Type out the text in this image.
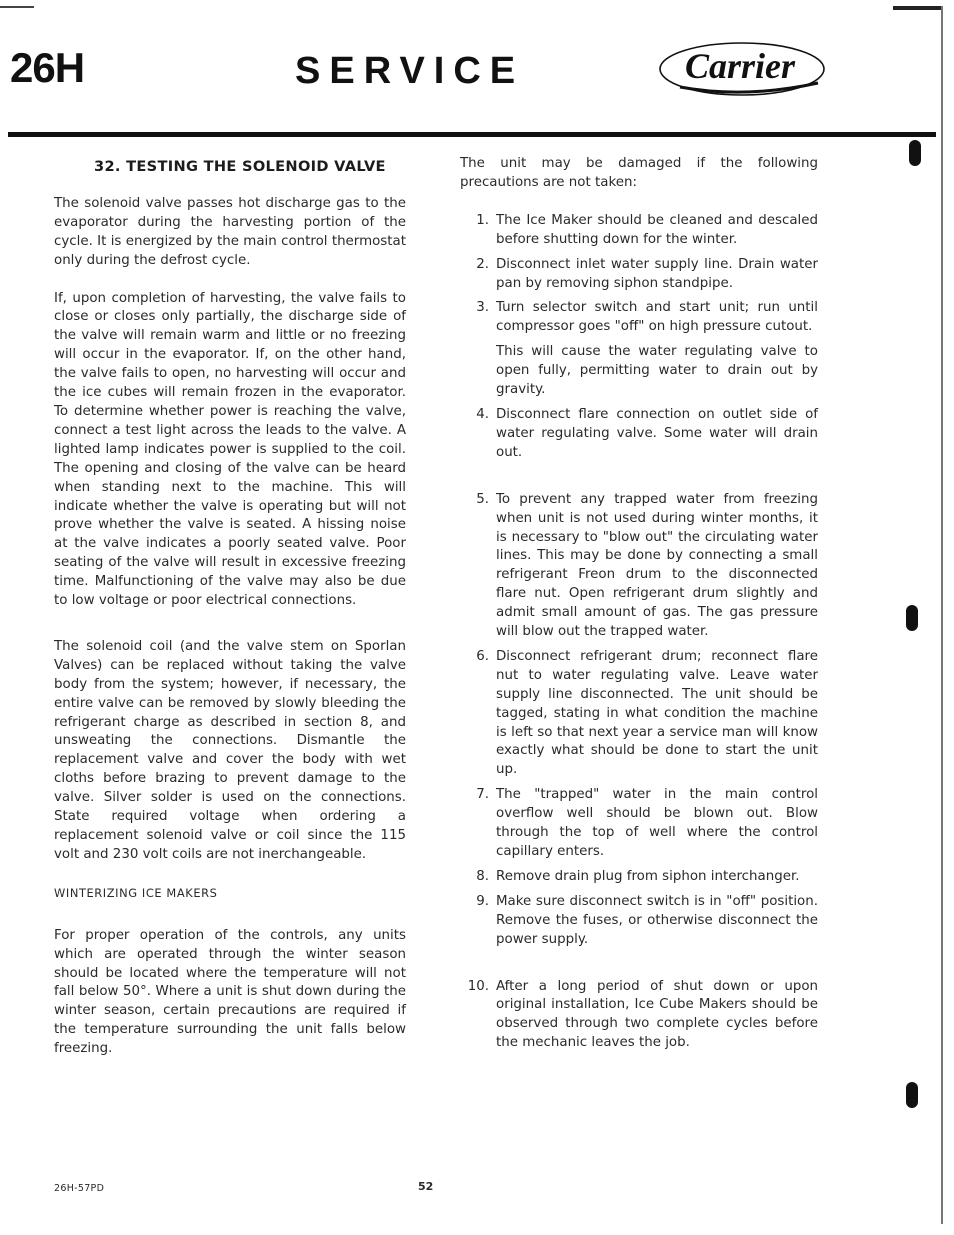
26H	SERVICE	Carrier
32. TESTING THE SOLENOID VALVE
The solenoid valve passes hot discharge gas to the evaporator during the harvesting portion of the cycle. It is energized by the main control thermostat only during the defrost cycle.
If, upon completion of harvesting, the valve fails to close or closes only partially, the discharge side of the valve will remain warm and little or no freezing will occur in the evaporator. If, on the other hand, the valve fails to open, no harvesting will occur and the ice cubes will remain frozen in the evaporator. To determine whether power is reaching the valve, connect a test light across the leads to the valve. A lighted lamp indicates power is supplied to the coil. The opening and closing of the valve can be heard when standing next to the machine. This will indicate whether the valve is operating but will not prove whether the valve is seated. A hissing noise at the valve indicates a poorly seated valve. Poor seating of the valve will result in excessive freezing time. Malfunctioning of the valve may also be due to low voltage or poor electrical connections.
The solenoid coil (and the valve stem on Sporlan Valves) can be replaced without taking the valve body from the system; however, if necessary, the entire valve can be removed by slowly bleeding the refrigerant charge as described in section 8, and unsweating the connections. Dismantle the replacement valve and cover the body with wet cloths before brazing to prevent damage to the valve. Silver solder is used on the connections. State required voltage when ordering a replacement solenoid valve or coil since the 115 volt and 230 volt coils are not inerchangeable.
WINTERIZING ICE MAKERS
For proper operation of the controls, any units which are operated through the winter season should be located where the temperature will not fall below 50°. Where a unit is shut down during the winter season, certain precautions are required if the temperature surrounding the unit falls below freezing.
The unit may be damaged if the following precautions are not taken:
1. The Ice Maker should be cleaned and descaled before shutting down for the winter.
2. Disconnect inlet water supply line. Drain water pan by removing siphon standpipe.
3. Turn selector switch and start unit; run until compressor goes "off" on high pressure cutout.
This will cause the water regulating valve to open fully, permitting water to drain out by gravity.
4. Disconnect flare connection on outlet side of water regulating valve. Some water will drain out.
5. To prevent any trapped water from freezing when unit is not used during winter months, it is necessary to "blow out" the circulating water lines. This may be done by connecting a small refrigerant Freon drum to the disconnected flare nut. Open refrigerant drum slightly and admit small amount of gas. The gas pressure will blow out the trapped water.
6. Disconnect refrigerant drum; reconnect flare nut to water regulating valve. Leave water supply line disconnected. The unit should be tagged, stating in what condition the machine is left so that next year a service man will know exactly what should be done to start the unit up.
7. The "trapped" water in the main control overflow well should be blown out. Blow through the top of well where the control capillary enters.
8. Remove drain plug from siphon interchanger.
9. Make sure disconnect switch is in "off" position. Remove the fuses, or otherwise disconnect the power supply.
10. After a long period of shut down or upon original installation, Ice Cube Makers should be observed through two complete cycles before the mechanic leaves the job.
26H-57PD	52
